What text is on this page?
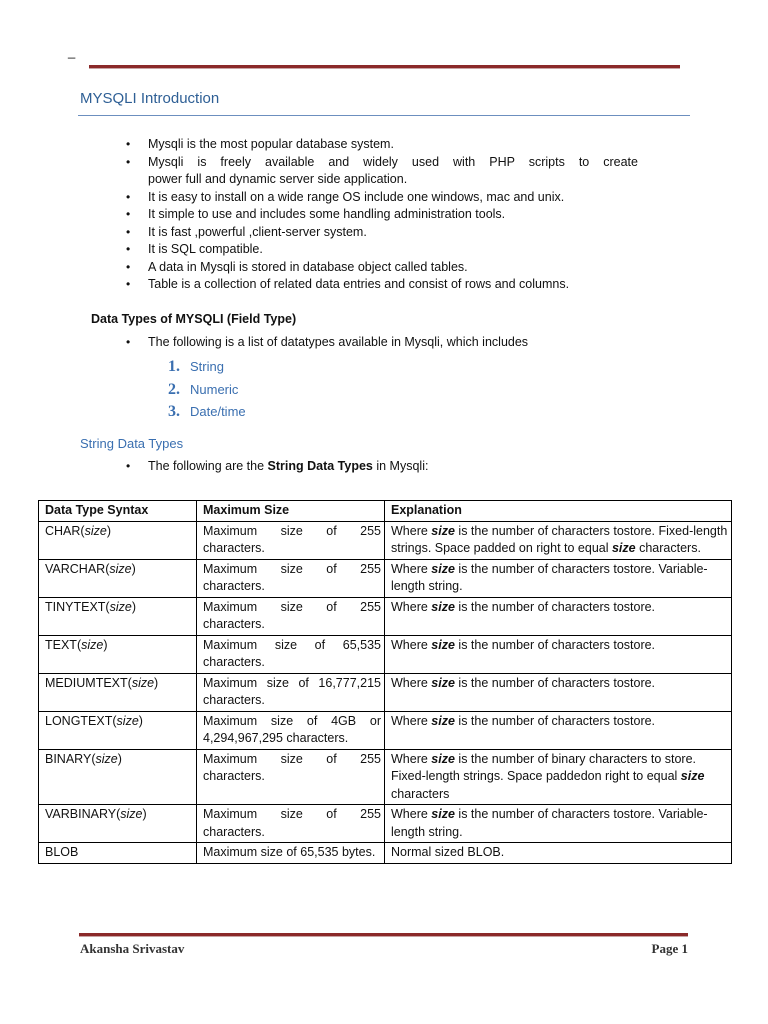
_
MYSQLI Introduction
• Mysqli is the most popular database system.
• Mysqli is freely available and widely used with PHP scripts to create
power full and dynamic server side application.
• It is easy to install on a wide range OS include one windows, mac and unix.
• It simple to use and includes some handling administration tools.
• It is fast ,powerful ,client-server system.
• It is SQL compatible.
• A data in Mysqli is stored in database object called tables.
• Table is a collection of related data entries and consist of rows and columns.
Data Types of MYSQLI (Field Type)
• The following is a list of datatypes available in Mysqli, which includes
1. String
2. Numeric
3. Date/time
String Data Types
• The following are the String Data Types in Mysqli:
Data Type Syntax	Maximum Size	Explanation
CHAR(size)	Maximum size of 255 characters.	Where size is the number of characters tostore. Fixed-length strings. Space padded on right to equal size characters.
VARCHAR(size)	Maximum size of 255 characters.	Where size is the number of characters tostore. Variable-length string.
TINYTEXT(size)	Maximum size of 255 characters.	Where size is the number of characters tostore.
TEXT(size)	Maximum size of 65,535 characters.	Where size is the number of characters tostore.
MEDIUMTEXT(size)	Maximum size of 16,777,215 characters.	Where size is the number of characters tostore.
LONGTEXT(size)	Maximum size of 4GB or 4,294,967,295 characters.	Where size is the number of characters tostore.
BINARY(size)	Maximum size of 255 characters.	Where size is the number of binary characters to store. Fixed-length strings. Space paddedon right to equal size characters
VARBINARY(size)	Maximum size of 255 characters.	Where size is the number of characters tostore. Variable-length string.
BLOB	Maximum size of 65,535 bytes.	Normal sized BLOB.
Akansha Srivastav	Page 1
